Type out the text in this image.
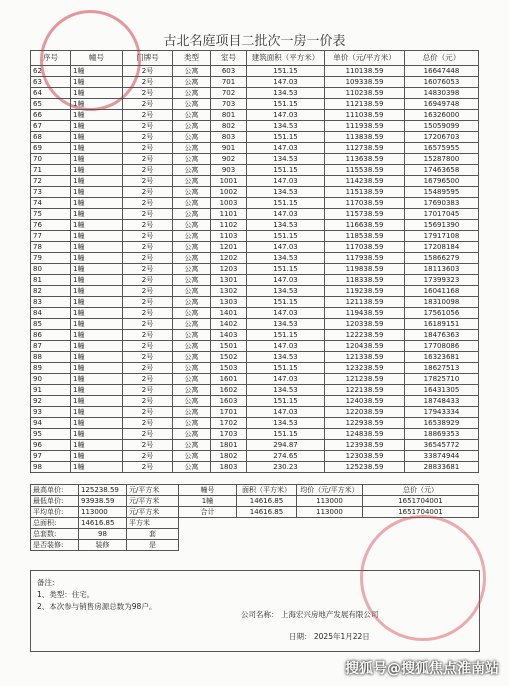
古北名庭项目二批次一房一价表
序号	幢号	门牌号	类型	室号	建筑面积（平方米）	单价（元/平方米）	总价（元）
62	1幢	2号	公寓	603	151.15	110138.59	16647448
63	1幢	2号	公寓	701	147.03	109338.59	16076053
64	1幢	2号	公寓	702	134.53	110238.59	14830398
65	1幢	2号	公寓	703	151.15	112138.59	16949748
66	1幢	2号	公寓	801	147.03	111038.59	16326000
67	1幢	2号	公寓	802	134.53	111938.59	15059099
68	1幢	2号	公寓	803	151.15	113838.59	17206703
69	1幢	2号	公寓	901	147.03	112738.59	16575955
70	1幢	2号	公寓	902	134.53	113638.59	15287800
71	1幢	2号	公寓	903	151.15	115538.59	17463658
72	1幢	2号	公寓	1001	147.03	114238.59	16796500
73	1幢	2号	公寓	1002	134.53	115138.59	15489595
74	1幢	2号	公寓	1003	151.15	117038.59	17690383
75	1幢	2号	公寓	1101	147.03	115738.59	17017045
76	1幢	2号	公寓	1102	134.53	116638.59	15691390
77	1幢	2号	公寓	1103	151.15	118538.59	17917108
78	1幢	2号	公寓	1201	147.03	117038.59	17208184
79	1幢	2号	公寓	1202	134.53	117938.59	15866279
80	1幢	2号	公寓	1203	151.15	119838.59	18113603
81	1幢	2号	公寓	1301	147.03	118338.59	17399323
82	1幢	2号	公寓	1302	134.53	119238.59	16041168
83	1幢	2号	公寓	1303	151.15	121138.59	18310098
84	1幢	2号	公寓	1401	147.03	119438.59	17561056
85	1幢	2号	公寓	1402	134.53	120338.59	16189151
86	1幢	2号	公寓	1403	151.15	122238.59	18476363
87	1幢	2号	公寓	1501	147.03	120438.59	17708086
88	1幢	2号	公寓	1502	134.53	121338.59	16323681
89	1幢	2号	公寓	1503	151.15	123238.59	18627513
90	1幢	2号	公寓	1601	147.03	121238.59	17825710
91	1幢	2号	公寓	1602	134.53	122138.59	16431305
92	1幢	2号	公寓	1603	151.15	124038.59	18748433
93	1幢	2号	公寓	1701	147.03	122038.59	17943334
94	1幢	2号	公寓	1702	134.53	122938.59	16538929
95	1幢	2号	公寓	1703	151.15	124838.59	18869353
96	1幢	2号	公寓	1801	294.87	123938.59	36545772
97	1幢	2号	公寓	1802	274.65	123038.59	33874944
98	1幢	2号	公寓	1803	230.23	125238.59	28833681
最高单价:	125238.59	元/平方米	幢号	面积（平方米）	均价（元/平方米）	总价（元）
最低单价:	93938.59	元/平方米	1幢	14616.85	113000	1651704001
平均单价:	113000	元/平方米	合计	14616.85	113000	1651704001
总面积:	14616.85	平方米				
总套数:	98	套				
是否装修:	装修	是				
备注:
1、类型：住宅。
2、本次参与销售房源总数为98户。
公司名称： 上海宏兴房地产发展有限公司
日期： 2025年1月22日
搜狐号@搜狐焦点淮南站
